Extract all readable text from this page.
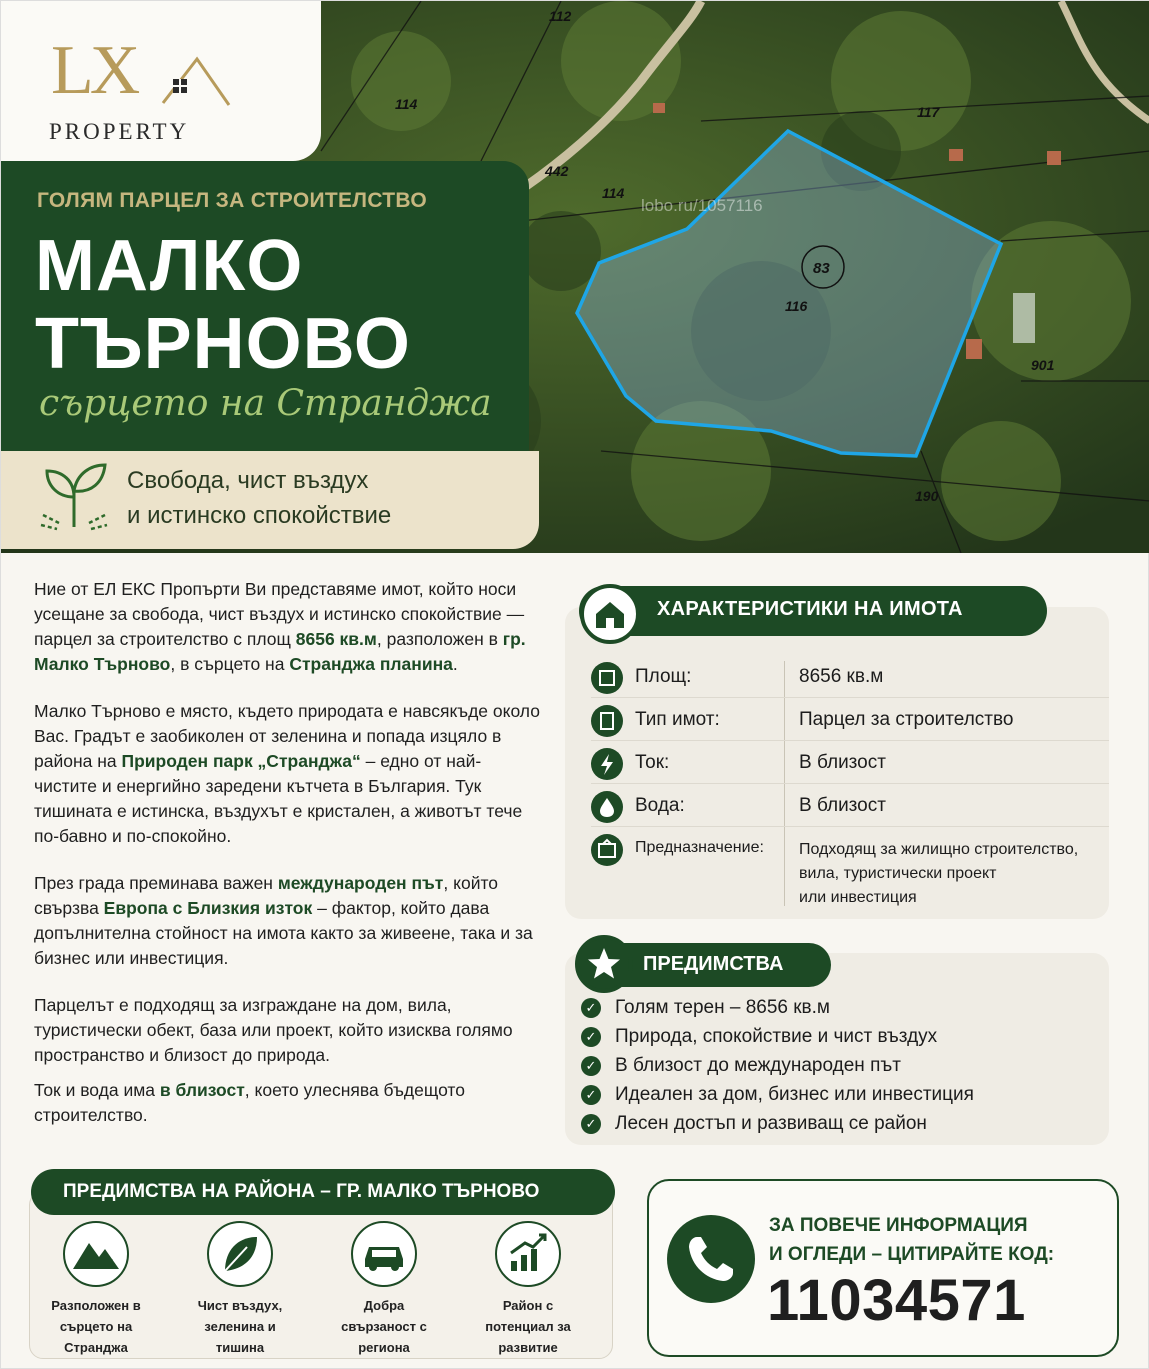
112
114
442
114
117
83
116
901
190
lobo.ru/1057116
LX
PROPERTY
ГОЛЯМ ПАРЦЕЛ ЗА СТРОИТЕЛСТВО
МАЛКО
ТЪРНОВО
сърцето на Странджа
Свобода, чист въздух
и истинско спокойствие

Ние от ЕЛ ЕКС Пропърти Ви представяме имот, който носи усещане за свобода, чист въздух и истинско спокойствие — парцел за строителство с площ 8656 кв.м, разположен в гр. Малко Търново, в сърцето на Странджа планина.

Малко Търново е място, където природата е навсякъде около Вас. Градът е заобиколен от зеленина и попада изцяло в района на Природен парк „Странджа“ – едно от най-чистите и енергийно заредени кътчета в България. Тук тишината е истинска, въздухът е кристален, а животът тече по-бавно и по-спокойно.

През града преминава важен международен път, който свързва Европа с Близкия изток – фактор, който дава допълнителна стойност на имота както за живеене, така и за бизнес или инвестиция.

Парцелът е подходящ за изграждане на дом, вила, туристически обект, база или проект, който изисква голямо пространство и близост до природа.

Ток и вода има в близост, което улеснява бъдещото строителство.

ХАРАКТЕРИСТИКИ НА ИМОТА
Площ:	8656 кв.м
Тип имот:	Парцел за строителство
Ток:	В близост
Вода:	В близост
Предназначение: Подходящ за жилищно строителство,
вила, туристически проект
или инвестиция
ПРЕДИМСТВА
✓ Голям терен – 8656 кв.м
✓ Природа, спокойствие и чист въздух
✓ В близост до международен път
✓ Идеален за дом, бизнес или инвестиция
✓ Лесен достъп и развиващ се район
ПРЕДИМСТВА НА РАЙОНА – ГР. МАЛКО ТЪРНОВО
Разположен в
сърцето на
Странджа
Чист въздух,
зеленина и
тишина
Добра
свързаност с
региона
Район с
потенциал за
развитие
ЗА ПОВЕЧЕ ИНФОРМАЦИЯ
И ОГЛЕДИ – ЦИТИРАЙТЕ КОД:
11034571
